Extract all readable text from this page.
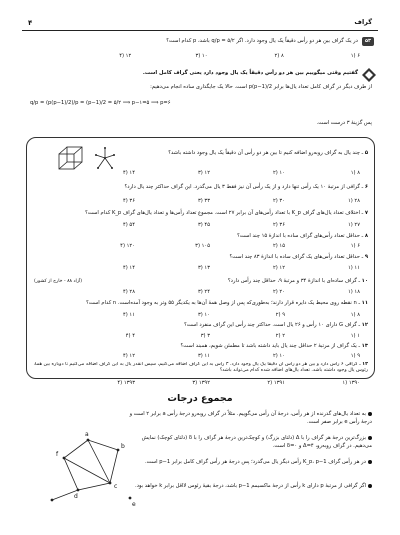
۴	گراف
۵۳
در یک گراف بین هر دو رأس دقیقاً یک یال وجود دارد. اگر q/p = ۵/۲ باشد، p کدام است؟
۶ (۱
۸ (۲
۱۰ (۳
۱۲ (۴
گفتیم وقتی میگوییم بین هر دو رأس دقیقاً یک یال وجود دارد یعنی گراف کامل است.
از طرف دیگر در گراف کامل تعداد یال‌ها برابر p(p−1)/2 است. حالا یک جایگذاری ساده انجام می‌دهیم:
q/p = (p(p−1)/2)/p = (p−1)/2 = ۵/۲ ⟹ p−۱=۵ ⟹ p=۶
پس گزینهٔ ۳ درست است.
۵ ـ چند یال به گراف روبه‌رو اضافه کنیم تا بین هر دو رأس آن دقیقاً یک یال وجود داشته باشد؟
۸ (۱
۱۰ (۲
۱۲ (۳
۱۴ (۴
۶ ـ گرافی از مرتبهٔ ۱۰ یک رأس تنها دارد و از یک رأس آن نیز فقط ۳ یال می‌گذرد. این گراف حداکثر چند یال دارد؟
۲۸ (۱
۳۰ (۲
۳۳ (۳
۳۶ (۴
۷ ـ اختلاف تعداد یال‌های گراف K_p با تعداد رأس‌های آن برابر ۲۷ است. مجموع تعداد رأس‌ها و تعداد یال‌های گراف K_p کدام است؟
۲۷ (۱
۳۶ (۲
۴۵ (۳
۵۴ (۴
۸ ـ حداقل تعداد رأس‌های گراف ساده با اندازهٔ ۱۵ چند است؟
۶ (۱
۱۵ (۲
۱۰۵ (۳
۱۲۰ (۴
۹ ـ حداقل تعداد رأس‌های یک گراف ساده با اندازهٔ ۸۳ چند است؟
۱۱ (۱
۱۲ (۲
۱۳ (۳
۱۴ (۴
۱۰ ـ گراف ساده‌ای با اندازهٔ ۳۴ و مرتبهٔ ۹، حداقل چند رأس دارد؟
(آزاد ۸۸ - خارج از کشور)
۱۸ (۱
۲۰ (۲
۲۴ (۳
۲۸ (۴
۱۱ ـ n نقطه روی محیط یک دایره قرار دارند؛ به‌طوری‌که پس از وصل همهٔ آن‌ها به یکدیگر ۵۵ وتر به وجود آمده‌است. n کدام است؟
۸ (۱
۹ (۲
۱۰ (۳
۱۱ (۴
۱۲ ـ گراف G دارای ۱۰ رأس و ۲۶ یال است. حداکثر چند رأس این گراف منفرد است؟
۱ (۱
۲ (۲
۳ (۳
۴ (۴
۱۳ ـ یک گراف از مرتبهٔ ۲ حداقل چند یال باید داشته باشد تا مطمئن شویم، همبند است؟
۹ (۱
۱۰ (۲
۱۱ (۳
۱۲ (۴
۱۴ ـ گرافی ۶ رأس دارد و بین هر دو رأس آن دقیقاً یک یال وجود دارد. ۳ رأس به این گراف اضافه می‌کنیم، سپس آنقدر یال به این گراف اضافه می‌کنیم تا دوباره بین همهٔ رئوس یال وجود داشته باشد. تعداد یال‌های اضافه شده کدام می‌تواند باشد؟
۱۳۹۰ (۱
۱۳۹۱ (۲
۱۳۹۲ (۳
۱۳۹۳ (۴
مجموع درجات
به تعداد یال‌های گذرنده از هر رأس، درجهٔ آن رأس می‌گوییم. مثلاً در گراف روبه‌رو درجهٔ رأس a برابر ۲ است و درجهٔ رأس e برابر صفر است.
بزرگ‌ترین درجهٔ هر گراف را با Δ (دلتای بزرگ) و کوچک‌ترین درجهٔ هر گراف را با δ (دلتای کوچک) نمایش می‌دهیم. در گراف روبه‌رو، Δ=۴ و δ=۰ است.
در هر رأس گراف K_p، p−1 رأس دیگر یال می‌گذرد؛ پس درجهٔ هر رأس گراف کامل برابر p−1 است.
اگر گرافی از مرتبهٔ p دارای k رأس از درجهٔ ماکسیمم p−1 باشد، درجهٔ بقیهٔ رئوس لااقل برابر k خواهد بود.
a
b
c
d
e
f
